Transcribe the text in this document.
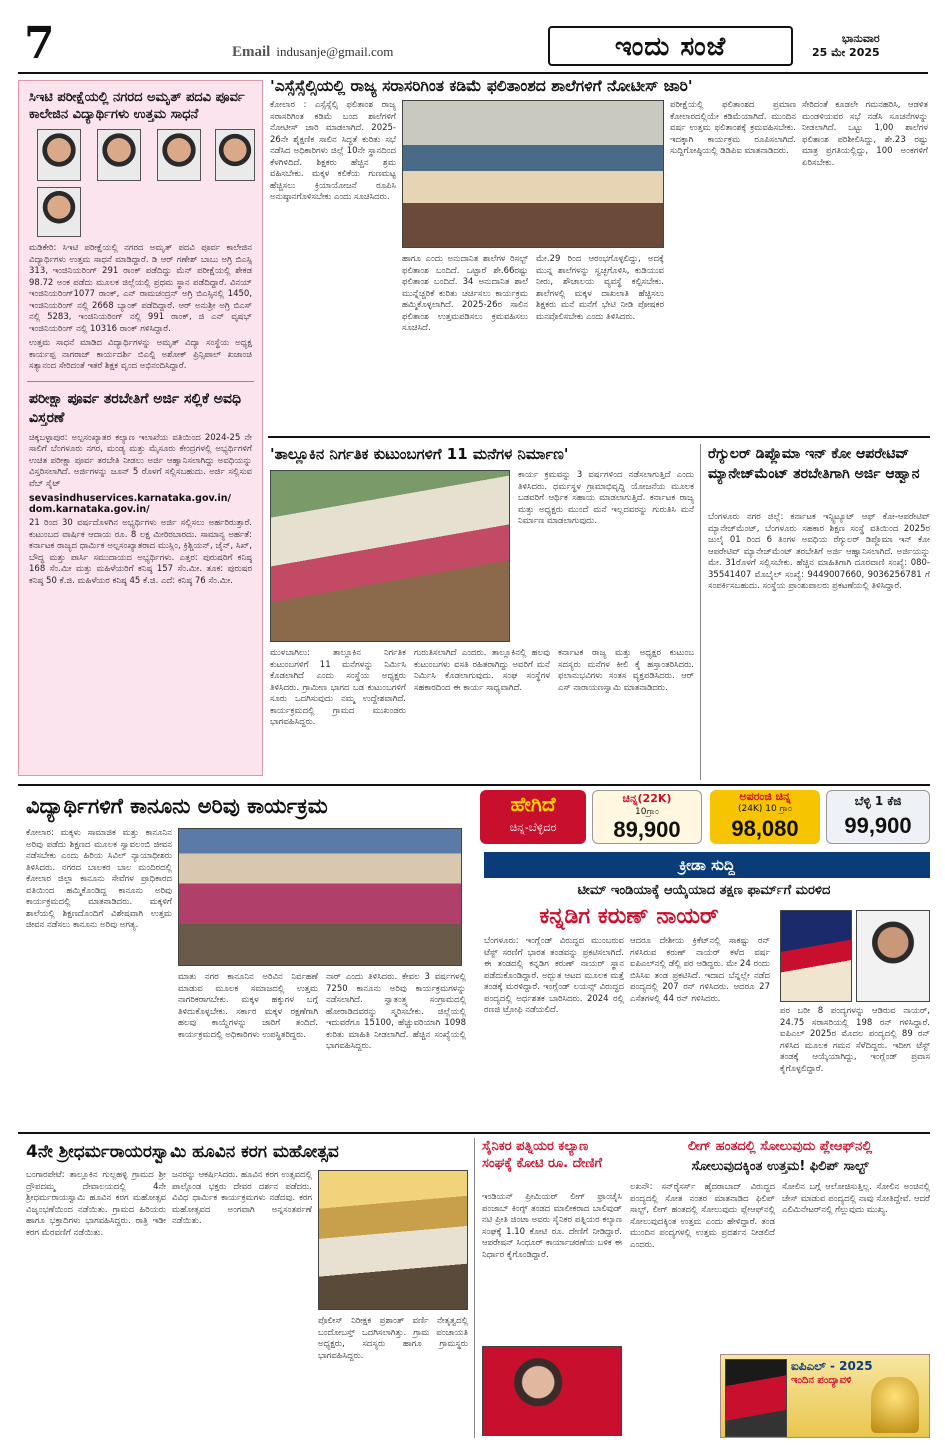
7	Email indusanje@gmail.com	ಇಂದು ಸಂಜೆ	ಭಾನುವಾರ
25 ಮೇ 2025
ಸಿಇಟಿ ಪರೀಕ್ಷೆಯಲ್ಲಿ ನಗರದ ಅಮೃತ್ ಪದವಿ ಪೂರ್ವ ಕಾಲೇಜಿನ ವಿದ್ಯಾರ್ಥಿಗಳು ಉತ್ತಮ ಸಾಧನೆ
ಮಡಿಕೇರಿ: ಸಿಇಟಿ ಪರೀಕ್ಷೆಯಲ್ಲಿ ನಗರದ ಅಮೃತ್ ಪದವಿ ಪೂರ್ವ ಕಾಲೇಜಿನ ವಿದ್ಯಾರ್ಥಿಗಳು ಉತ್ತಮ ಸಾಧನೆ ಮಾಡಿದ್ದಾರೆ. ಡಿ ಆರ್ ಗಣೇಶ್ ಬಾಬು ಅಗ್ರಿ ಬಿಎಸ್ಸಿ 313, ಇಂಜಿನಿಯರಿಂಗ್ 291 ರಾಂಕ್ ಪಡೆದಿದ್ದು ಮೆನ್ ಪರೀಕ್ಷೆಯಲ್ಲಿ ಶೇಕಡ 98.72 ಅಂಕ ಪಡೆದು ಮೂಲಕ ಜಿಲ್ಲೆಯಲ್ಲಿ ಪ್ರಥಮ ಸ್ಥಾನ ಪಡೆದಿದ್ದಾರೆ. ವಿನಯ್ ಇಂಜಿನಿಯರಿಂಗ್1077 ರಾಂಕ್, ಎನ್ ರಾಮಚಂದ್ರನ್ ಅಗ್ರಿ ಬಿಎಸ್ಸಿನಲ್ಲಿ 1450, ಇಂಜಿನಿಯರಿಂಗ್ ನಲ್ಲಿ 2668 ಬ್ಯಾಂಕ್ ಪಡೆದಿದ್ದಾರೆ. ಆರ್ ಅನುಶ್ರೀ ಅಗ್ರಿ ಬಿಎಸ್ ನಲ್ಲಿ 5283, ಇಂಜಿನಿಯರಿಂಗ್ ನಲ್ಲಿ 991 ರಾಂಕ್, ಜಿ ಎನ್ ವೃಷಭ್ ಇಂಜಿನಿಯರಿಂಗ್ ನಲ್ಲಿ 10316 ರಾಂಕ್ ಗಳಿಸಿದ್ದಾರೆ.
ಉತ್ತಮ ಸಾಧನೆ ಮಾಡಿದ ವಿದ್ಯಾರ್ಥಿಗಳನ್ನು ಅಮೃತ್ ವಿದ್ಯಾ ಸಂಸ್ಥೆಯ ಅಧ್ಯಕ್ಷ ಕಾರ್ಯಪ್ಪ ನಾಗರಾಜ್ ಕಾರ್ಯದರ್ಶಿ ಬಿಎಲ್ಪಿ ಅಶೋಕ್ ಪ್ರಿನ್ಸಿಪಾಲ್ ಖಜಾಂಚಿ ಸತ್ಯಾನಂದ ಸೇರಿದಂತೆ ಇತರೆ ಶಿಕ್ಷಕ ವೃಂದ ಅಭಿನಂದಿಸಿದ್ದಾರೆ.
ಪರೀಕ್ಷಾ ಪೂರ್ವ ತರಬೇತಿಗೆ ಅರ್ಜಿ ಸಲ್ಲಿಕೆ ಅವಧಿ ವಿಸ್ತರಣೆ
ಚಿಕ್ಕಬಳ್ಳಾಪುರ: ಅಲ್ಪಸಂಖ್ಯಾತರ ಕಲ್ಯಾಣ ಇಲಾಖೆಯ ವತಿಯಿಂದ 2024-25 ನೇ ಸಾಲಿಗೆ ಬೆಂಗಳೂರು ನಗರ, ಮಂಡ್ಯ ಮತ್ತು ಮೈಸೂರು ಕೇಂದ್ರಗಳಲ್ಲಿ ಅಭ್ಯರ್ಥಿಗಳಿಗೆ ಉಚಿತ ಪರೀಕ್ಷಾ ಪೂರ್ವ ತರಬೇತಿ ನೀಡಲು ಅರ್ಜಿ ಆಹ್ವಾನಿಸಲಾಗಿದ್ದು ಅವಧಿಯನ್ನು ವಿಸ್ತರಿಸಲಾಗಿದೆ. ಅರ್ಜಿಗಳನ್ನು ಜೂನ್ 5 ರೊಳಗೆ ಸಲ್ಲಿಸಬಹುದು. ಅರ್ಜಿ ಸಲ್ಲಿಸುವ ವೆಬ್ ಸೈಟ್
sevasindhuservices.karnataka.gov.in/
dom.karnataka.gov.in/
21 ರಿಂದ 30 ವರ್ಷದೊಳಗಿನ ಅಭ್ಯರ್ಥಿಗಳು ಅರ್ಜಿ ಸಲ್ಲಿಸಲು ಅರ್ಹರಿರುತ್ತಾರೆ. ಕುಟುಂಬದ ವಾರ್ಷಿಕ ಆದಾಯ ರೂ. 8 ಲಕ್ಷ ಮೀರಿರಬಾರದು. ಸಾಮಾನ್ಯ ಅರ್ಹತೆ: ಕರ್ನಾಟಕ ರಾಜ್ಯದ ಧಾರ್ಮಿಕ ಅಲ್ಪಸಂಖ್ಯಾತರಾದ ಮುಸ್ಲಿಂ, ಕ್ರಿಶ್ಚಿಯನ್, ಜೈನ್, ಸಿಖ್, ಬೌದ್ಧ ಮತ್ತು ಪಾರ್ಸಿ ಸಮುದಾಯದ ಅಭ್ಯರ್ಥಿಗಳು. ಎತ್ತರ: ಪುರುಷರಿಗೆ ಕನಿಷ್ಠ 168 ಸೆಂ.ಮೀ ಮತ್ತು ಮಹಿಳೆಯರಿಗೆ ಕನಿಷ್ಠ 157 ಸೆಂ.ಮೀ. ತೂಕ: ಪುರುಷರ ಕನಿಷ್ಠ 50 ಕೆ.ಜಿ. ಮಹಿಳೆಯರ ಕನಿಷ್ಠ 45 ಕೆ.ಜಿ. ಎದೆ: ಕನಿಷ್ಠ 76 ಸೆಂ.ಮೀ.
'ಎಸ್ಸೆಸ್ಸೆಲ್ಸಿಯಲ್ಲಿ ರಾಜ್ಯ ಸರಾಸರಿಗಿಂತ ಕಡಿಮೆ ಫಲಿತಾಂಶದ ಶಾಲೆಗಳಿಗೆ ನೋಟೀಸ್ ಜಾರಿ'
ಕೋಲಾರ : ಎಸ್ಸೆಸ್ಸೆಲ್ಸಿ ಫಲಿತಾಂಶ ರಾಜ್ಯ ಸರಾಸರಿಗಿಂತ ಕಡಿಮೆ ಬಂದ ಶಾಲೆಗಳಿಗೆ ನೋಟೀಸ್ ಜಾರಿ ಮಾಡಲಾಗಿದೆ. 2025-26ನೇ ಶೈಕ್ಷಣಿಕ ಸಾಲಿನ ಸಿದ್ಧತೆ ಕುರಿತು ಸಭೆ ನಡೆಸಿದ ಅಧಿಕಾರಿಗಳು ಜಿಲ್ಲೆ 10ನೇ ಸ್ಥಾನದಿಂದ ಕೆಳಗಿಳಿದಿದೆ. ಶಿಕ್ಷಕರು ಹೆಚ್ಚಿನ ಶ್ರಮ ವಹಿಸಬೇಕು. ಮಕ್ಕಳ ಕಲಿಕೆಯ ಗುಣಮಟ್ಟ ಹೆಚ್ಚಿಸಲು ಕ್ರಿಯಾಯೋಜನೆ ರೂಪಿಸಿ ಅನುಷ್ಠಾನಗೊಳಿಸಬೇಕು ಎಂದು ಸೂಚಿಸಿದರು.
ಹಾಗೂ ಎಂದು ಅನುದಾನಿತ ಶಾಲೆಗಳ ರಿಸಲ್ಟ್ ಫಲಿತಾಂಶ ಬಂದಿದೆ. ಒಟ್ಟಾರೆ ಶೇ.66ರಷ್ಟು ಫಲಿತಾಂಶ ಬಂದಿದೆ. 34 ಅನುದಾನಿತ ಶಾಲೆ ಮುನ್ನೆಚ್ಚರಿಕೆ ಕುರಿತು ಚರ್ಚಿಸಲು ಕಾರ್ಯಕ್ರಮ ಹಮ್ಮಿಕೊಳ್ಳಲಾಗಿದೆ. 2025-26ರ ಸಾಲಿನ ಫಲಿತಾಂಶ ಉತ್ತಮಪಡಿಸಲು ಕ್ರಮವಹಿಸಲು ಸೂಚಿಸಿದೆ.
ಮೇ.29 ರಿಂದ ಆರಂಭಗೊಳ್ಳಲಿದ್ದು, ಅದಕ್ಕೆ ಮುನ್ನ ಶಾಲೆಗಳನ್ನು ಸ್ವಚ್ಛಗೊಳಿಸಿ, ಕುಡಿಯುವ ನೀರು, ಶೌಚಾಲಯ ವ್ಯವಸ್ಥೆ ಕಲ್ಪಿಸಬೇಕು. ಶಾಲೆಗಳಲ್ಲಿ ಮಕ್ಕಳ ದಾಖಲಾತಿ ಹೆಚ್ಚಿಸಲು ಶಿಕ್ಷಕರು ಮನೆ ಮನೆಗೆ ಭೇಟಿ ನೀಡಿ ಪೋಷಕರ ಮನವೊಲಿಸಬೇಕು ಎಂದು ತಿಳಿಸಿದರು.
ಪರೀಕ್ಷೆಯಲ್ಲಿ ಫಲಿತಾಂಶದ ಪ್ರಮಾಣ ಕೋಲಾರದಲ್ಲಿಯೇ ಕಡಿಮೆಯಾಗಿದೆ. ಮುಂದಿನ ವರ್ಷ ಉತ್ತಮ ಫಲಿತಾಂಶಕ್ಕೆ ಕ್ರಮವಹಿಸಬೇಕು. ಇದಕ್ಕಾಗಿ ಕಾರ್ಯಕ್ರಮ ರೂಪಿಸಲಾಗಿದೆ. ಸುದ್ದಿಗೋಷ್ಠಿಯಲ್ಲಿ ಡಿಡಿಪಿಐ ಮಾತನಾಡಿದರು.
ಸೇರಿದಂತೆ ಕೂಡಲೇ ಗಮನಹರಿಸಿ, ಆಡಳಿತ ಮಂಡಳಿಯವರ ಸಭೆ ನಡೆಸಿ ಸೂಚನೆಗಳನ್ನು ನೀಡಲಾಗಿದೆ. ಒಟ್ಟು 1,00 ಶಾಲೆಗಳ ಫಲಿತಾಂಶ ಪರಿಶೀಲಿಸಿದ್ದು, ಶೇ.23 ರಷ್ಟು ಮಾತ್ರ ಪ್ರಗತಿಯಲ್ಲಿದ್ದು, 100 ಅಂಕಗಳಿಗೆ ಏರಿಸಬೇಕು.
'ತಾಲ್ಲೂಕಿನ ನಿರ್ಗತಿಕ ಕುಟುಂಬಗಳಿಗೆ 11 ಮನೆಗಳ ನಿರ್ಮಾಣ'
ಕಾರ್ಯ ಕ್ರಮವನ್ನು 3 ವರ್ಷಗಳಿಂದ ನಡೆಸಲಾಗುತ್ತಿದೆ ಎಂದು ತಿಳಿಸಿದರು. ಧರ್ಮಸ್ಥಳ ಗ್ರಾಮಾಭಿವೃದ್ಧಿ ಯೋಜನೆಯ ಮೂಲಕ ಬಡವರಿಗೆ ಆರ್ಥಿಕ ಸಹಾಯ ಮಾಡಲಾಗುತ್ತಿದೆ. ಕರ್ನಾಟಕ ರಾಜ್ಯ ಮತ್ತು ಅಧ್ಯಕ್ಷರು ಮುಂದೆ ಮನೆ ಇಲ್ಲದವರನ್ನು ಗುರುತಿಸಿ ಮನೆ ನಿರ್ಮಾಣ ಮಾಡಲಾಗುವುದು.
ಮುಳಬಾಗಿಲು: ತಾಲ್ಲೂಕಿನ ನಿರ್ಗತಿಕ ಕುಟುಂಬಗಳಿಗೆ 11 ಮನೆಗಳನ್ನು ನಿರ್ಮಿಸಿ ಕೊಡಲಾಗಿದೆ ಎಂದು ಸಂಸ್ಥೆಯ ಅಧ್ಯಕ್ಷರು ತಿಳಿಸಿದರು. ಗ್ರಾಮೀಣ ಭಾಗದ ಬಡ ಕುಟುಂಬಗಳಿಗೆ ಸೂರು ಒದಗಿಸುವುದು ನಮ್ಮ ಉದ್ದೇಶವಾಗಿದೆ. ಕಾರ್ಯಕ್ರಮದಲ್ಲಿ ಗ್ರಾಮದ ಮುಖಂಡರು ಭಾಗವಹಿಸಿದ್ದರು.
ಗುರುತಿಸಲಾಗಿದೆ ಎಂದರು. ತಾಲ್ಲೂಕಿನಲ್ಲಿ ಹಲವು ಕುಟುಂಬಗಳು ವಸತಿ ರಹಿತರಾಗಿದ್ದು ಅವರಿಗೆ ಮನೆ ನಿರ್ಮಿಸಿ ಕೊಡಲಾಗುವುದು. ಸಂಘ ಸಂಸ್ಥೆಗಳ ಸಹಕಾರದಿಂದ ಈ ಕಾರ್ಯ ಸಾಧ್ಯವಾಗಿದೆ.
ಕರ್ನಾಟಕ ರಾಜ್ಯ ಮತ್ತು ಅಧ್ಯಕ್ಷರ ಕುಟುಂಬ ಸದಸ್ಯರು ಮನೆಗಳ ಕೀಲಿ ಕೈ ಹಸ್ತಾಂತರಿಸಿದರು. ಫಲಾನುಭವಿಗಳು ಸಂತಸ ವ್ಯಕ್ತಪಡಿಸಿದರು. ಆರ್ ಎಸ್ ನಾರಾಯಣಸ್ವಾಮಿ ಮಾತನಾಡಿದರು.
ರೆಗ್ಯುಲರ್ ಡಿಪ್ಲೊಮಾ ಇನ್ ಕೋ ಆಪರೇಟಿವ್ ಮ್ಯಾನೇಜ್‌ಮೆಂಟ್ ತರಬೇತಿಗಾಗಿ ಅರ್ಜಿ ಆಹ್ವಾನ
ಬೆಂಗಳೂರು ನಗರ ಜಿಲ್ಲೆ: ಕರ್ನಾಟಕ ಇನ್ಸ್ಟಿಟ್ಯೂಟ್ ಆಫ್ ಕೋ-ಆಪರೇಟಿವ್ ಮ್ಯಾನೇಜ್‌ಮೆಂಟ್, ಬೆಂಗಳೂರು ಸಹಕಾರ ಶಿಕ್ಷಣ ಸಂಸ್ಥೆ ವತಿಯಿಂದ 2025ರ ಜುಲೈ 01 ರಿಂದ 6 ತಿಂಗಳ ಅವಧಿಯ ರೆಗ್ಯುಲರ್ ಡಿಪ್ಲೊಮಾ ಇನ್ ಕೋ ಆಪರೇಟಿವ್ ಮ್ಯಾನೇಜ್‌ಮೆಂಟ್ ತರಬೇತಿಗೆ ಅರ್ಜಿ ಆಹ್ವಾನಿಸಲಾಗಿದೆ. ಅರ್ಜಿಯನ್ನು ಮೇ. 31ರೊಳಗೆ ಸಲ್ಲಿಸಬೇಕು. ಹೆಚ್ಚಿನ ಮಾಹಿತಿಗಾಗಿ ದೂರವಾಣಿ ಸಂಖ್ಯೆ: 080-35541407 ಮೊಬೈಲ್ ಸಂಖ್ಯೆ: 9449007660, 9036256781 ಗೆ ಸಂಪರ್ಕಿಸಬಹುದು. ಸಂಸ್ಥೆಯ ಪ್ರಾಂಶುಪಾಲರು ಪ್ರಕಟಣೆಯಲ್ಲಿ ತಿಳಿಸಿದ್ದಾರೆ.
ವಿದ್ಯಾರ್ಥಿಗಳಿಗೆ ಕಾನೂನು ಅರಿವು ಕಾರ್ಯಕ್ರಮ
ಕೋಲಾರ: ಮಕ್ಕಳು ಸಾಮಾಜಿಕ ಮತ್ತು ಕಾನೂನಿನ ಅರಿವು ಪಡೆದು ಶಿಕ್ಷಣದ ಮೂಲಕ ಸ್ವಾವಲಂಬಿ ಜೀವನ ನಡೆಸಬೇಕು ಎಂದು ಹಿರಿಯ ಸಿವಿಲ್ ನ್ಯಾಯಾಧೀಶರು ತಿಳಿಸಿದರು. ನಗರದ ಬಾಲಕರ ಬಾಲ ಮಂದಿರದಲ್ಲಿ ಕೋಲಾರ ಜಿಲ್ಲಾ ಕಾನೂನು ಸೇವೆಗಳ ಪ್ರಾಧಿಕಾರದ ವತಿಯಿಂದ ಹಮ್ಮಿಕೊಂಡಿದ್ದ ಕಾನೂನು ಅರಿವು ಕಾರ್ಯಕ್ರಮದಲ್ಲಿ ಮಾತನಾಡಿದರು. ಮಕ್ಕಳಿಗೆ ಶಾಲೆಯಲ್ಲಿ ಶಿಕ್ಷಣದೊಂದಿಗೆ ವಿಶೇಷವಾಗಿ ಉತ್ತಮ ಜೀವನ ನಡೆಸಲು ಕಾನೂನು ಅರಿವು ಅಗತ್ಯ.
ಮಾತು ನಗರ ಕಾನೂನಿನ ಅರಿವಿನ ನಿರ್ವಹಣೆ ಮಾಡುವ ಮೂಲಕ ಸಮಾಜದಲ್ಲಿ ಉತ್ತಮ ನಾಗರಿಕರಾಗಬೇಕು. ಮಕ್ಕಳ ಹಕ್ಕುಗಳ ಬಗ್ಗೆ ತಿಳಿದುಕೊಳ್ಳಬೇಕು. ಸರ್ಕಾರ ಮಕ್ಕಳ ರಕ್ಷಣೆಗಾಗಿ ಹಲವು ಕಾಯ್ದೆಗಳನ್ನು ಜಾರಿಗೆ ತಂದಿದೆ. ಕಾರ್ಯಕ್ರಮದಲ್ಲಿ ಅಧಿಕಾರಿಗಳು ಉಪಸ್ಥಿತರಿದ್ದರು.
ನಾರ್ ಎಂದು ತಿಳಿಸಿದರು. ಕೇವಲ 3 ವರ್ಷಗಳಲ್ಲಿ 7250 ಕಾನೂನು ಅರಿವು ಕಾರ್ಯಕ್ರಮಗಳನ್ನು ನಡೆಸಲಾಗಿದೆ. ಸ್ವಾತಂತ್ರ್ಯ ಸಂಗ್ರಾಮದಲ್ಲಿ ಹೋರಾಡಿದವರನ್ನು ಸ್ಮರಿಸಬೇಕು. ಜಿಲ್ಲೆಯಲ್ಲಿ ಇದುವರೆಗೂ 15100, ಹೆಚ್ಚುವರಿಯಾಗಿ 1098 ಕುರಿತು ಮಾಹಿತಿ ನೀಡಲಾಗಿದೆ. ಹೆಚ್ಚಿನ ಸಂಖ್ಯೆಯಲ್ಲಿ ಭಾಗವಹಿಸಿದ್ದರು.
ಹೇಗಿದೆ
ಚಿನ್ನ-ಬೆಳ್ಳಿದರ
ಚಿನ್ನ(22K)
10ಗ್ರಾಂ
89,900
ಅಪರಂಜಿ ಚಿನ್ನ
(24K) 10 ಗ್ರಾಂ
98,080
ಬೆಳ್ಳಿ 1 ಕೆಜಿ
99,900
ಕ್ರೀಡಾ ಸುದ್ದಿ
ಟೀಮ್ ಇಂಡಿಯಾಕ್ಕೆ ಆಯ್ಕೆಯಾದ ತಕ್ಷಣ ಫಾರ್ಮ್‌ಗೆ ಮರಳಿದ
ಕನ್ನಡಿಗ ಕರುಣ್ ನಾಯರ್
ಬೆಂಗಳೂರು: ಇಂಗ್ಲೆಂಡ್ ವಿರುದ್ಧದ ಮುಂಬರುವ ಟೆಸ್ಟ್ ಸರಣಿಗೆ ಭಾರತ ತಂಡವನ್ನು ಪ್ರಕಟಿಸಲಾಗಿದೆ. ಈ ತಂಡದಲ್ಲಿ ಕನ್ನಡಿಗ ಕರುಣ್ ನಾಯರ್ ಸ್ಥಾನ ಪಡೆದುಕೊಂಡಿದ್ದಾರೆ. ಅದ್ಭುತ ಆಟದ ಮೂಲಕ ಮತ್ತೆ ತಂಡಕ್ಕೆ ಮರಳಿದ್ದಾರೆ. ಇಂಗ್ಲೆಂಡ್ ಲಯನ್ಸ್ ವಿರುದ್ಧದ ಪಂದ್ಯದಲ್ಲಿ ಅರ್ಧಶತಕ ಬಾರಿಸಿದರು. 2024 ರಲ್ಲಿ ರಣಜಿ ಟ್ರೋಫಿ ನಡೆಯಲಿದೆ.
ಆದರೂ ದೇಶೀಯ ಕ್ರಿಕೆಟ್‌ನಲ್ಲಿ ಸಾಕಷ್ಟು ರನ್ ಗಳಿಸಿರುವ ಕರುಣ್ ನಾಯರ್ ಕಳೆದ ವರ್ಷ ಐಪಿಎಲ್‌ನಲ್ಲಿ ಡೆಲ್ಲಿ ಪರ ಆಡಿದ್ದರು. ಮೇ 24 ರಂದು ಬಿಸಿಸಿಐ ತಂಡ ಪ್ರಕಟಿಸಿದೆ. ಇದಾದ ಬೆನ್ನಲ್ಲೇ ನಡೆದ ಪಂದ್ಯದಲ್ಲಿ 207 ರನ್ ಗಳಿಸಿದರು. ಆದರೂ 27 ಎಸೆತಗಳಲ್ಲಿ 44 ರನ್ ಗಳಿಸಿದರು.
ಪರ ಬರೀ 8 ಪಂದ್ಯಗಳನ್ನು ಆಡಿರುವ ನಾಯರ್, 24.75 ಸರಾಸರಿಯಲ್ಲಿ 198 ರನ್ ಗಳಿಸಿದ್ದಾರೆ. ಐಪಿಎಲ್ 2025ರ ಮೊದಲ ಪಂದ್ಯದಲ್ಲಿ 89 ರನ್ ಗಳಿಸಿದ ಮೂಲಕ ಗಮನ ಸೆಳೆದಿದ್ದರು. ಇದೀಗ ಟೆಸ್ಟ್ ತಂಡಕ್ಕೆ ಆಯ್ಕೆಯಾಗಿದ್ದು, ಇಂಗ್ಲೆಂಡ್ ಪ್ರವಾಸ ಕೈಗೊಳ್ಳಲಿದ್ದಾರೆ.
4ನೇ ಶ್ರೀಧರ್ಮರಾಯರಸ್ವಾಮಿ ಹೂವಿನ ಕರಗ ಮಹೋತ್ಸವ
ಬಂಗಾರಪೇಟೆ: ತಾಲ್ಲೂಕಿನ ಗುಲ್ಲಹಳ್ಳಿ ಗ್ರಾಮದ ಶ್ರೀ ದ್ರೌಪದಮ್ಮ ದೇವಾಲಯದಲ್ಲಿ 4ನೇ ಶ್ರೀಧರ್ಮರಾಯಸ್ವಾಮಿ ಹೂವಿನ ಕರಗ ಮಹೋತ್ಸವ ವಿಜೃಂಭಣೆಯಿಂದ ನಡೆಯಿತು. ಗ್ರಾಮದ ಹಿರಿಯರು ಹಾಗೂ ಭಕ್ತಾದಿಗಳು ಭಾಗವಹಿಸಿದ್ದರು. ರಾತ್ರಿ ಇಡೀ ಕರಗ ಮೆರವಣಿಗೆ ನಡೆಯಿತು.
ಜನರನ್ನು ಆಕರ್ಷಿಸಿದರು. ಹೂವಿನ ಕರಗ ಉತ್ಸವದಲ್ಲಿ ಪಾಲ್ಗೊಂಡ ಭಕ್ತರು ದೇವರ ದರ್ಶನ ಪಡೆದರು. ವಿವಿಧ ಧಾರ್ಮಿಕ ಕಾರ್ಯಕ್ರಮಗಳು ನಡೆದವು. ಕರಗ ಮಹೋತ್ಸವದ ಅಂಗವಾಗಿ ಅನ್ನಸಂತರ್ಪಣೆ ನಡೆಯಿತು.
ಪೊಲೀಸ್ ನಿರೀಕ್ಷಕ ಪ್ರಶಾಂತ್ ವರ್ಣಿ ನೇತೃತ್ವದಲ್ಲಿ ಬಂದೋಬಸ್ತ್ ಒದಗಿಸಲಾಗಿತ್ತು. ಗ್ರಾಮ ಪಂಚಾಯತಿ ಅಧ್ಯಕ್ಷರು, ಸದಸ್ಯರು ಹಾಗೂ ಗ್ರಾಮಸ್ಥರು ಭಾಗವಹಿಸಿದ್ದರು.
ಸೈನಿಕರ ಪತ್ನಿಯರ ಕಲ್ಯಾಣ ಸಂಘಕ್ಕೆ ಕೋಟಿ ರೂ. ದೇಣಿಗೆ
ಇಂಡಿಯನ್ ಪ್ರೀಮಿಯರ್ ಲೀಗ್ ಫ್ರಾಂಚೈಸಿ ಪಂಜಾಬ್ ಕಿಂಗ್ಸ್ ತಂಡದ ಮಾಲೀಕರಾದ ಬಾಲಿವುಡ್ ನಟಿ ಪ್ರೀತಿ ಜಿಂಟಾ ಅವರು ಸೈನಿಕರ ಪತ್ನಿಯರ ಕಲ್ಯಾಣ ಸಂಘಕ್ಕೆ 1.10 ಕೋಟಿ ರೂ. ದೇಣಿಗೆ ನೀಡಿದ್ದಾರೆ. ಆಪರೇಷನ್ ಸಿಂಧೂರ್ ಕಾರ್ಯಾಚರಣೆಯ ಬಳಿಕ ಈ ನಿರ್ಧಾರ ಕೈಗೊಂಡಿದ್ದಾರೆ.
ಲೀಗ್ ಹಂತದಲ್ಲಿ ಸೋಲುವುದು ಪ್ಲೇಆಫ್‌ನಲ್ಲಿ
ಸೋಲುವುದಕ್ಕಿಂತ ಉತ್ತಮ! ಫಿಲಿಪ್ ಸಾಲ್ಟ್
ಲಖನೌ: ಸನ್‌ರೈಸರ್ಸ್ ಹೈದರಾಬಾದ್ ವಿರುದ್ಧದ ಪಂದ್ಯದಲ್ಲಿ ಸೋತ ನಂತರ ಮಾತನಾಡಿದ ಫಿಲಿಪ್ ಸಾಲ್ಟ್, ಲೀಗ್ ಹಂತದಲ್ಲಿ ಸೋಲುವುದು ಪ್ಲೇಆಫ್‌ನಲ್ಲಿ ಸೋಲುವುದಕ್ಕಿಂತ ಉತ್ತಮ ಎಂದು ಹೇಳಿದ್ದಾರೆ. ತಂಡ ಮುಂದಿನ ಪಂದ್ಯಗಳಲ್ಲಿ ಉತ್ತಮ ಪ್ರದರ್ಶನ ನೀಡಲಿದೆ ಎಂದರು.
ಸೋಲಿನ ಬಗ್ಗೆ ಆಲೋಚಿಸುತ್ತಿಲ್ಲ. ಸೋಲಿನ ಅಂಚಿನಲ್ಲಿ ಚೇಸ್ ಮಾಡುವ ಪಂದ್ಯದಲ್ಲಿ ನಾವು ಸೋತಿದ್ದೇವೆ. ಆದರೆ ಎಲಿಮಿನೇಟರ್‌ನಲ್ಲಿ ಗೆಲ್ಲುವುದು ಮುಖ್ಯ.
ಐಪಿಎಲ್ - 2025
ಇಂದಿನ ಪಂದ್ಯಾವಳಿ
